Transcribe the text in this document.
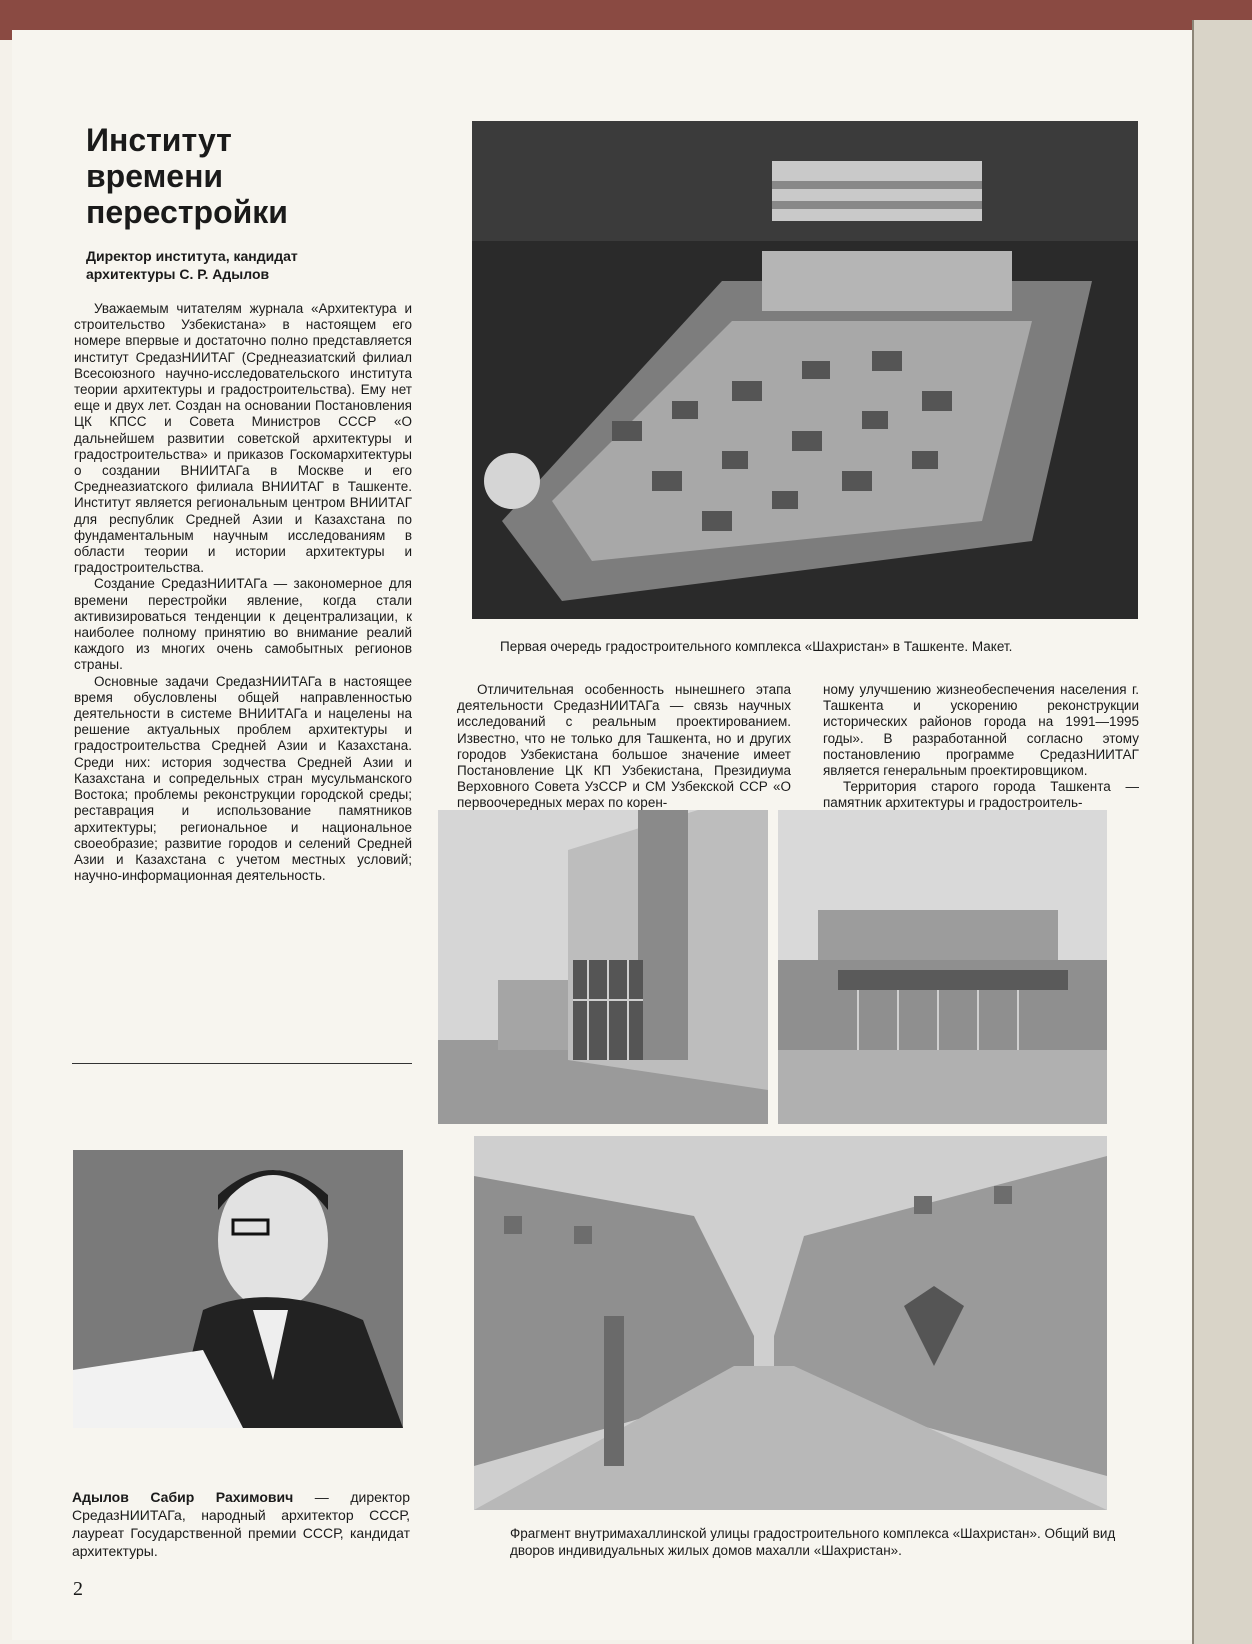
Институт
времени
перестройки
Директор института, кандидат
архитектуры С. Р. Адылов

Уважаемым читателям журнала «Архитектура и строительство Узбекистана» в настоящем его номере впервые и достаточно полно представляется институт СредазНИИТАГ (Среднеазиатский филиал Всесоюзного научно-исследовательского института теории архитектуры и градостроительства). Ему нет еще и двух лет. Создан на основании Постановления ЦК КПСС и Совета Министров СССР «О дальнейшем развитии советской архитектуры и градостроительства» и приказов Госкомархитектуры о создании ВНИИТАГа в Москве и его Среднеазиатского филиала ВНИИТАГ в Ташкенте. Институт является региональным центром ВНИИТАГ для республик Средней Азии и Казахстана по фундаментальным научным исследованиям в области теории и истории архитектуры и градостроительства.

Создание СредазНИИТАГа — закономерное для времени перестройки явление, когда стали активизироваться тенденции к децентрализации, к наиболее полному принятию во внимание реалий каждого из многих очень самобытных регионов страны.

Основные задачи СредазНИИТАГа в настоящее время обусловлены общей направленностью деятельности в системе ВНИИТАГа и нацелены на решение актуальных проблем архитектуры и градостроительства Средней Азии и Казахстана. Среди них: история зодчества Средней Азии и Казахстана и сопредельных стран мусульманского Востока; проблемы реконструкции городской среды; реставрация и использование памятников архитектуры; региональное и национальное своеобразие; развитие городов и селений Средней Азии и Казахстана с учетом местных условий; научно-информационная деятельность.

Первая очередь градостроительного комплекса «Шахристан» в Ташкенте. Макет.

Отличительная особенность нынешнего этапа деятельности СредазНИИТАГа — связь научных исследований с реальным проектированием. Известно, что не только для Ташкента, но и других городов Узбекистана большое значение имеет Постановление ЦК КП Узбекистана, Президиума Верховного Совета УзССР и СМ Узбекской ССР «О первоочередных мерах по корен-

ному улучшению жизнеобеспечения населения г. Ташкента и ускорению реконструкции исторических районов города на 1991—1995 годы». В разработанной согласно этому постановлению программе СредазНИИТАГ является генеральным проектировщиком.

Территория старого города Ташкента — памятник архитектуры и градостроитель-

Фрагмент внутримахаллинской улицы градостроительного комплекса «Шахристан». Общий вид дворов индивидуальных жилых домов махалли «Шахристан».
Адылов Сабир Рахимович — директор СредазНИИТАГа, народный архитектор СССР, лауреат Государственной премии СССР, кандидат архитектуры.
2
